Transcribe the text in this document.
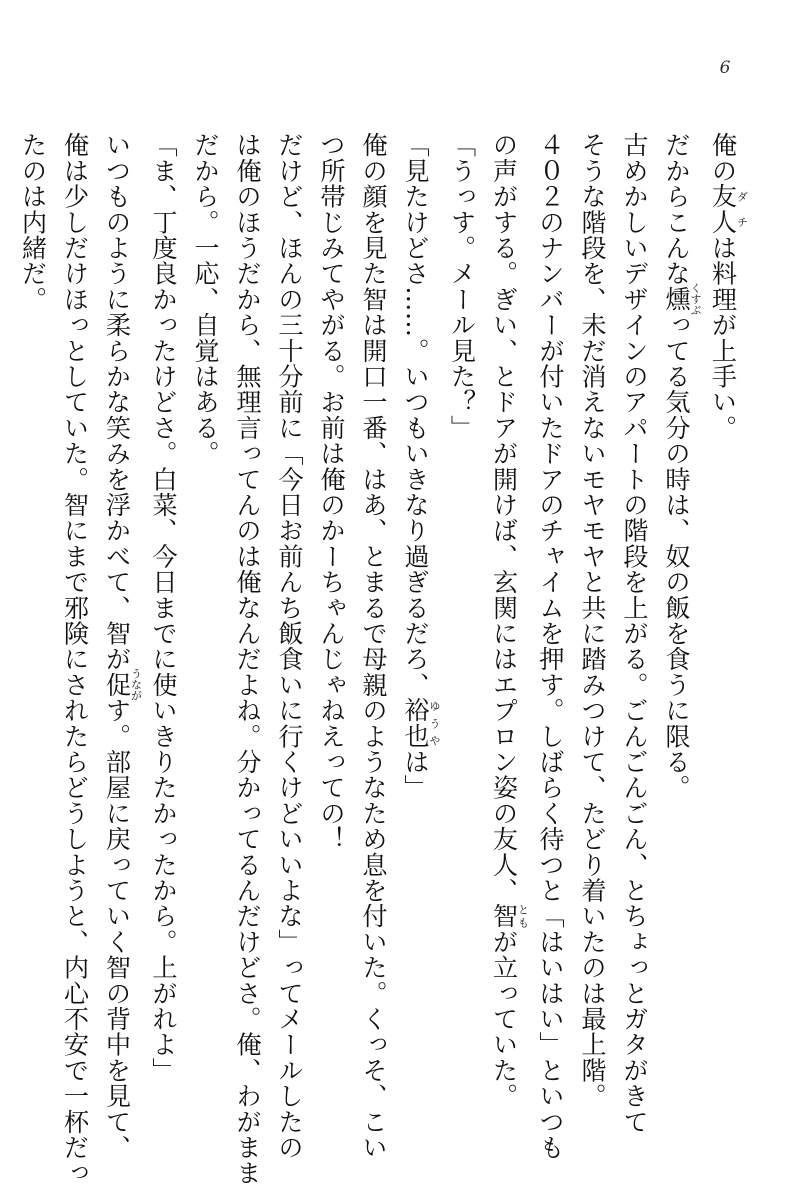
6
俺の友人ダチは料理が上手い。
だからこんな燻くすぶってる気分の時は、奴の飯を食うに限る。
古めかしいデザインのアパートの階段を上がる。ごんごんごん、とちょっとガタがきて
そうな階段を、未だ消えないモヤモヤと共に踏みつけて、たどり着いたのは最上階。
４０２のナンバーが付いたドアのチャイムを押す。しばらく待つと「はいはい」といつも
の声がする。ぎい、とドアが開けば、玄関にはエプロン姿の友人、智ともが立っていた。
「うっす。メール見た？」
「見たけどさ……。いつもいきなり過ぎるだろ、裕也ゆうやは」
俺の顔を見た智は開口一番、はあ、とまるで母親のようなため息を付いた。くっそ、こい
つ所帯じみてやがる。お前は俺のかーちゃんじゃねえっての！
だけど、ほんの三十分前に「今日お前んち飯食いに行くけどいいよな」ってメールしたの
は俺のほうだから、無理言ってんのは俺なんだよね。分かってるんだけどさ。俺、わがまま
だから。一応、自覚はある。
「ま、丁度良かったけどさ。白菜、今日までに使いきりたかったから。上がれよ」
いつものように柔らかな笑みを浮かべて、智が促うながす。部屋に戻っていく智の背中を見て、
俺は少しだけほっとしていた。智にまで邪険にされたらどうしようと、内心不安で一杯だっ
たのは内緒だ。
